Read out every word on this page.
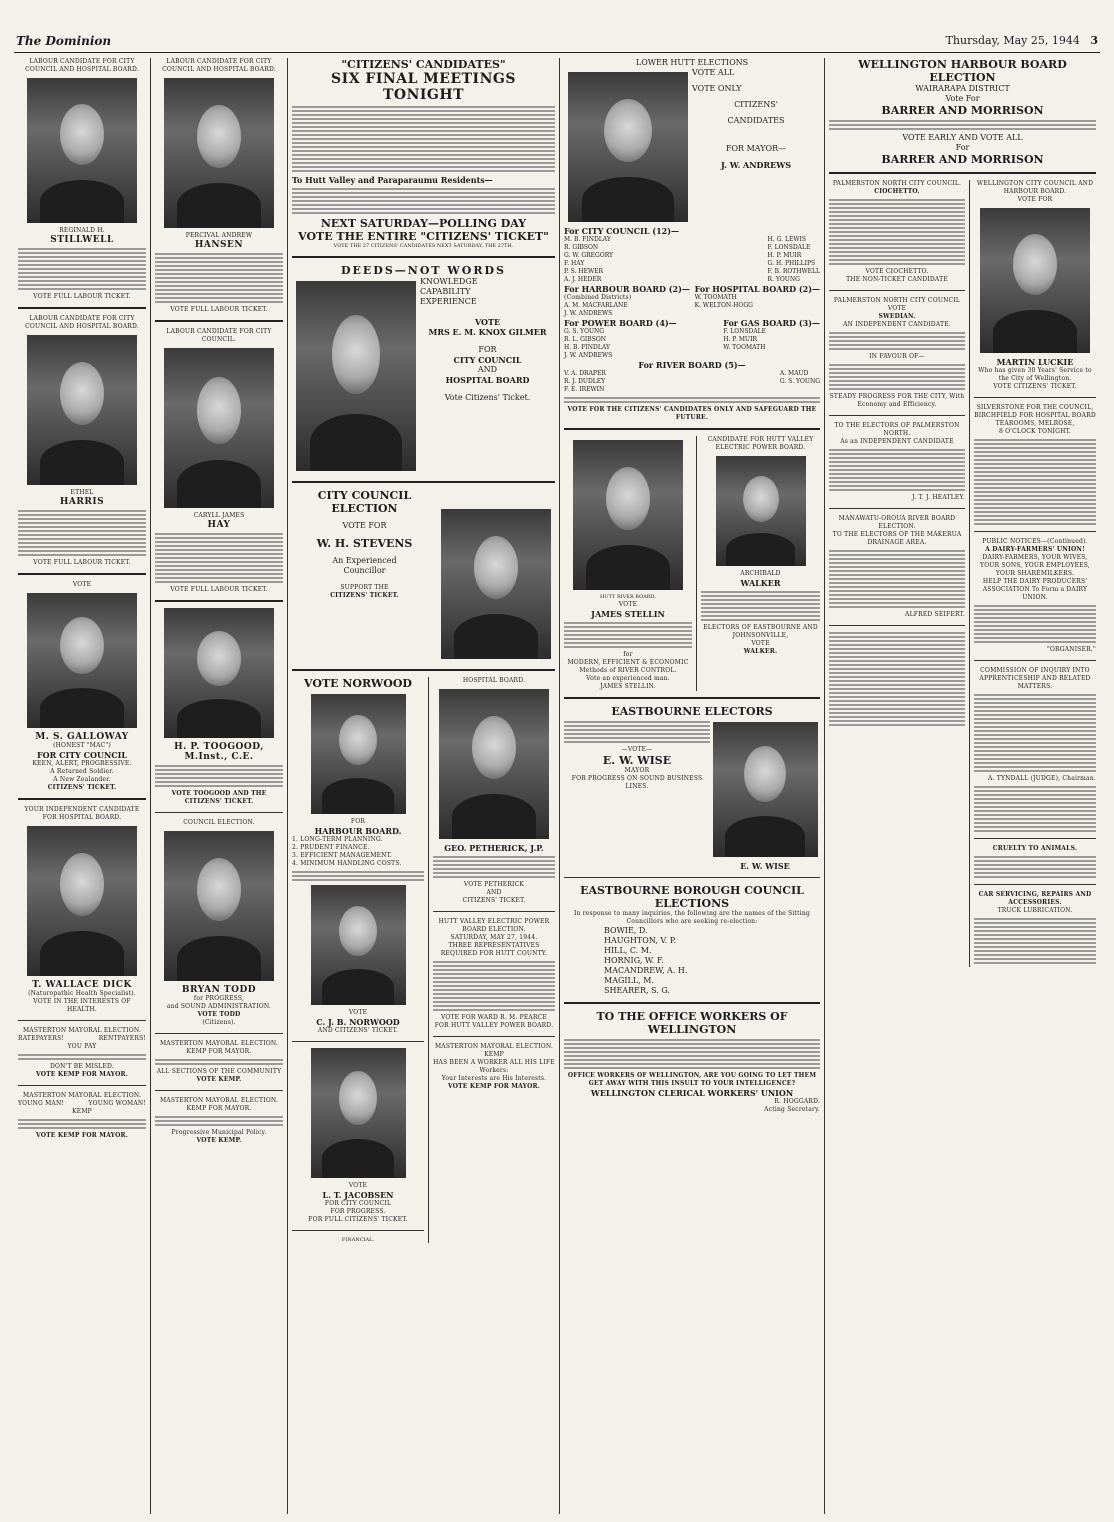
The Dominion	Thursday, May 25, 1944 3
LABOUR CANDIDATE FOR CITY COUNCIL AND HOSPITAL BOARD.
REGINALD H.
STILLWELL
VOTE FULL LABOUR TICKET.
LABOUR CANDIDATE FOR CITY COUNCIL AND HOSPITAL BOARD.
ETHEL
HARRIS
VOTE FULL LABOUR TICKET.
VOTE
M. S. GALLOWAY
(HONEST "MAC")
FOR CITY COUNCIL
KEEN, ALERT, PROGRESSIVE.
A Returned Soldier.
A New Zealander.
CITIZENS' TICKET.
YOUR INDEPENDENT CANDIDATE FOR HOSPITAL BOARD.
T. WALLACE DICK
(Naturopathic Health Specialist).
VOTE IN THE INTERESTS OF HEALTH.
MASTERTON MAYORAL ELECTION.
RATEPAYERS!	RENTPAYERS!
YOU PAY
DON'T BE MISLED.
VOTE KEMP FOR MAYOR.
MASTERTON MAYORAL ELECTION.
YOUNG MAN!	YOUNG WOMAN!
KEMP
VOTE KEMP FOR MAYOR.
LABOUR CANDIDATE FOR CITY COUNCIL AND HOSPITAL BOARD.
PERCIVAL ANDREW
HANSEN
VOTE FULL LABOUR TICKET.
LABOUR CANDIDATE FOR CITY COUNCIL.
CARYLL JAMES
HAY
VOTE FULL LABOUR TICKET.
H. P. TOOGOOD, M.Inst., C.E.
VOTE TOOGOOD AND THE CITIZENS' TICKET.
COUNCIL ELECTION.
BRYAN TODD
for PROGRESS,
and SOUND ADMINISTRATION.
VOTE TODD
(Citizens).
MASTERTON MAYORAL ELECTION.
KEMP FOR MAYOR.
ALL SECTIONS OF THE COMMUNITY
VOTE KEMP.
MASTERTON MAYORAL ELECTION.
KEMP FOR MAYOR.
Progressive Municipal Policy.
VOTE KEMP.
"CITIZENS' CANDIDATES"
SIX FINAL MEETINGS TONIGHT
To Hutt Valley and Paraparaumu Residents—
NEXT SATURDAY—POLLING DAY
VOTE THE ENTIRE "CITIZENS' TICKET"
VOTE THE 27 CITIZENS' CANDIDATES NEXT SATURDAY, THE 27TH.
DEEDS—NOT WORDS
KNOWLEDGE
CAPABILITY
EXPERIENCE
VOTE
MRS E. M. KNOX GILMER
FOR
CITY COUNCIL
AND
HOSPITAL BOARD
Vote Citizens' Ticket.
CITY COUNCIL ELECTION
VOTE FOR
W. H. STEVENS
An Experienced
Councillor
SUPPORT THE
CITIZENS' TICKET.
VOTE NORWOOD
FOR
HARBOUR BOARD.
1. LONG-TERM PLANNING.
2. PRUDENT FINANCE.
3. EFFICIENT MANAGEMENT.
4. MINIMUM HANDLING COSTS.
VOTE
C. J. B. NORWOOD
AND CITIZENS' TICKET.
VOTE
L. T. JACOBSEN
FOR CITY COUNCIL
FOR PROGRESS.
FOR FULL CITIZENS' TICKET.
FINANCIAL.
HOSPITAL BOARD.
GEO. PETHERICK, J.P.
VOTE PETHERICK
AND
CITIZENS' TICKET.
HUTT VALLEY ELECTRIC POWER BOARD ELECTION.
SATURDAY, MAY 27, 1944.
THREE REPRESENTATIVES REQUIRED FOR HUTT COUNTY.
VOTE FOR WARD R. M. PEARCE FOR HUTT VALLEY POWER BOARD.
MASTERTON MAYORAL ELECTION.
KEMP
HAS BEEN A WORKER ALL HIS LIFE
Workers:
Your Interests are His Interests.
VOTE KEMP FOR MAYOR.
LOWER HUTT ELECTIONS
VOTE ALL
VOTE ONLY
CITIZENS'
CANDIDATES
FOR MAYOR—
J. W. ANDREWS
For CITY COUNCIL (12)—
M. B. FINDLAY
R. GIBSON
G. W. GREGORY
F. HAY
P. S. HEWER
A. J. HEDER
H. G. LEWIS
F. LONSDALE
H. P. MUIR
G. H. PHILLIPS
F. B. ROTHWELL
R. YOUNG
For HARBOUR BOARD (2)—
(Combined Districts)
A. M. MACFARLANE
J. W. ANDREWS
For HOSPITAL BOARD (2)—
W. TOOMATH
K. WELTON-HOGG
For POWER BOARD (4)—
G. S. YOUNG
R. L. GIBSON
H. B. FINDLAY
J. W. ANDREWS
For GAS BOARD (3)—
F. LONSDALE
H. P. MUIR
W. TOOMATH
For RIVER BOARD (5)—
V. A. DRAPER
R. J. DUDLEY
F. E. IREWIN
A. MAUD
G. S. YOUNG
VOTE FOR THE CITIZENS' CANDIDATES ONLY AND SAFEGUARD THE FUTURE.
HUTT RIVER BOARD.
VOTE
JAMES STELLIN
for
MODERN, EFFICIENT & ECONOMIC
Methods of RIVER CONTROL.
Vote an experienced man.
JAMES STELLIN.
CANDIDATE FOR HUTT VALLEY ELECTRIC POWER BOARD.
ARCHIBALD
WALKER
ELECTORS OF EASTBOURNE AND JOHNSONVILLE,
VOTE
WALKER.
EASTBOURNE ELECTORS
—VOTE—
E. W. WISE
MAYOR
FOR PROGRESS ON SOUND BUSINESS LINES.
E. W. WISE
EASTBOURNE BOROUGH COUNCIL ELECTIONS
In response to many inquiries, the following are the names of the Sitting Councillors who are seeking re-election:
BOWIE, D.
HAUGHTON, V. P.
HILL, C. M.
HORNIG, W. F.
MACANDREW, A. H.
MAGILL, M.
SHEARER, S. G.
TO THE OFFICE WORKERS OF WELLINGTON
OFFICE WORKERS OF WELLINGTON, ARE YOU GOING TO LET THEM GET AWAY WITH THIS INSULT TO YOUR INTELLIGENCE?
WELLINGTON CLERICAL WORKERS' UNION
R. HOGGARD.
Acting Secretary.
WELLINGTON HARBOUR BOARD ELECTION
WAIRARAPA DISTRICT
Vote For
BARRER AND MORRISON
VOTE EARLY AND VOTE ALL
For
BARRER AND MORRISON
PALMERSTON NORTH CITY COUNCIL.
CIOCHETTO.
VOTE CIOCHETTO.
THE NON-TICKET CANDIDATE
PALMERSTON NORTH CITY COUNCIL
VOTE
SWEDIAN.
AN INDEPENDENT CANDIDATE.
IN FAVOUR OF—
STEADY PROGRESS FOR THE CITY, With Economy and Efficiency.
TO THE ELECTORS OF PALMERSTON NORTH.
As an INDEPENDENT CANDIDATE
J. T. J. HEATLEY.
MANAWATU-OROUA RIVER BOARD ELECTION.
TO THE ELECTORS OF THE MAKERUA DRAINAGE AREA.
ALFRED SEIFERT.
WELLINGTON CITY COUNCIL AND HARBOUR BOARD.
VOTE FOR
MARTIN LUCKIE
Who has given 30 Years' Service to the City of Wellington.
VOTE CITIZENS' TICKET.
SILVERSTONE FOR THE COUNCIL, BIRCHFIELD FOR HOSPITAL BOARD
TEAROOMS, MELROSE,
8 O'CLOCK TONIGHT.
PUBLIC NOTICES—(Continued).
A DAIRY-FARMERS' UNION!
DAIRY-FARMERS, YOUR WIVES, YOUR SONS, YOUR EMPLOYEES, YOUR SHAREMILKERS.
HELP THE DAIRY PRODUCERS' ASSOCIATION To Form a DAIRY UNION.
"ORGANISER."
COMMISSION OF INQUIRY INTO APPRENTICESHIP AND RELATED MATTERS.
A. TYNDALL (JUDGE), Chairman.
CRUELTY TO ANIMALS.
CAR SERVICING, REPAIRS AND ACCESSORIES.
TRUCK LUBRICATION.
